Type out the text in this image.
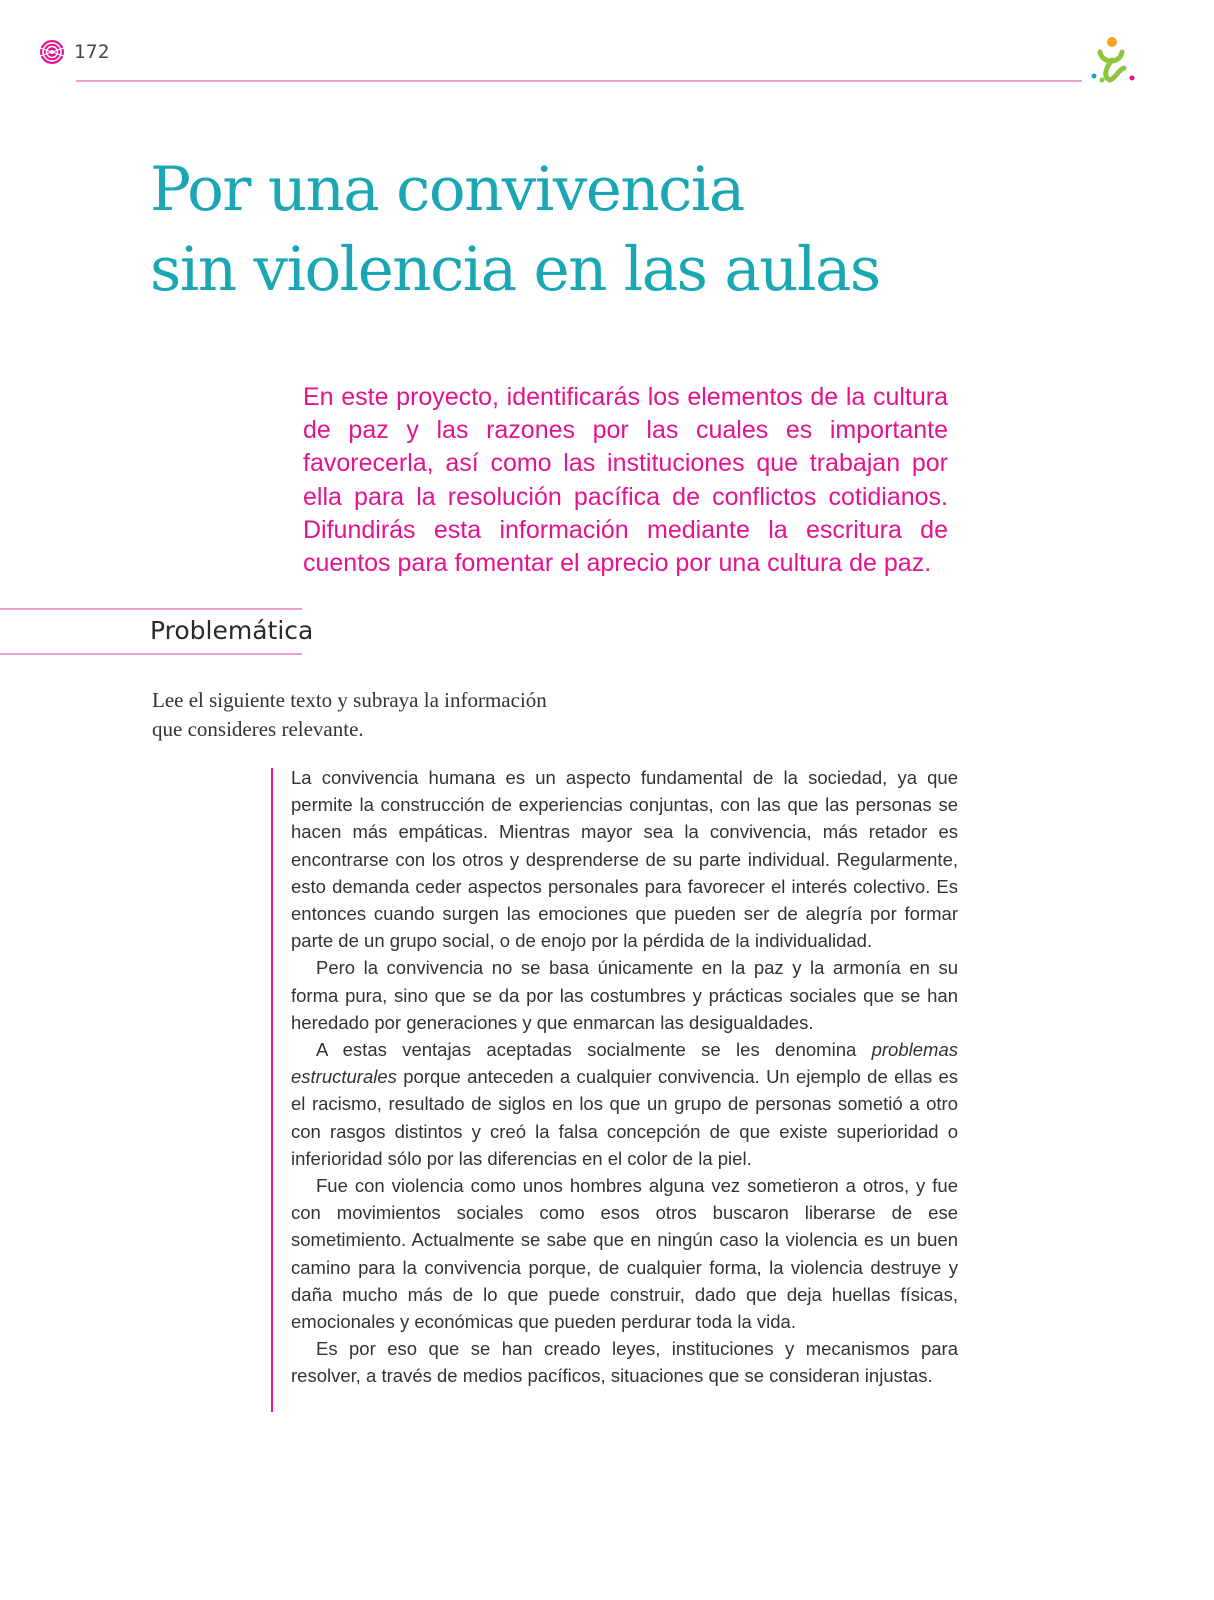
172
Por una convivencia
sin violencia en las aulas

En este proyecto, identificarás los elementos de la cultura de paz y las razones por las cuales es importante favorecerla, así como las instituciones que trabajan por ella para la resolución pacífica de conflictos cotidianos. Difundirás esta información mediante la escritura de cuentos para fomentar el aprecio por una cultura de paz.

Problemática

Lee el siguiente texto y subraya la información
que consideres relevante.

La convivencia humana es un aspecto fundamental de la sociedad, ya que permite la construcción de experiencias conjuntas, con las que las personas se hacen más empáticas. Mientras mayor sea la convivencia, más retador es encontrarse con los otros y desprenderse de su parte individual. Regularmente, esto demanda ceder aspectos personales para favorecer el interés colectivo. Es entonces cuando surgen las emociones que pueden ser de alegría por formar parte de un grupo social, o de enojo por la pérdida de la individualidad.

Pero la convivencia no se basa únicamente en la paz y la armonía en su forma pura, sino que se da por las costumbres y prácticas sociales que se han heredado por generaciones y que enmarcan las desigualdades.

A estas ventajas aceptadas socialmente se les denomina problemas estructurales porque anteceden a cualquier convivencia. Un ejemplo de ellas es el racismo, resultado de siglos en los que un grupo de personas sometió a otro con rasgos distintos y creó la falsa concepción de que existe superioridad o inferioridad sólo por las diferencias en el color de la piel.

Fue con violencia como unos hombres alguna vez sometieron a otros, y fue con movimientos sociales como esos otros buscaron liberarse de ese sometimiento. Actualmente se sabe que en ningún caso la violencia es un buen camino para la convivencia porque, de cualquier forma, la violencia destruye y daña mucho más de lo que puede construir, dado que deja huellas físicas, emocionales y económicas que pueden perdurar toda la vida.

Es por eso que se han creado leyes, instituciones y mecanismos para resolver, a través de medios pacíficos, situaciones que se consideran injustas.
